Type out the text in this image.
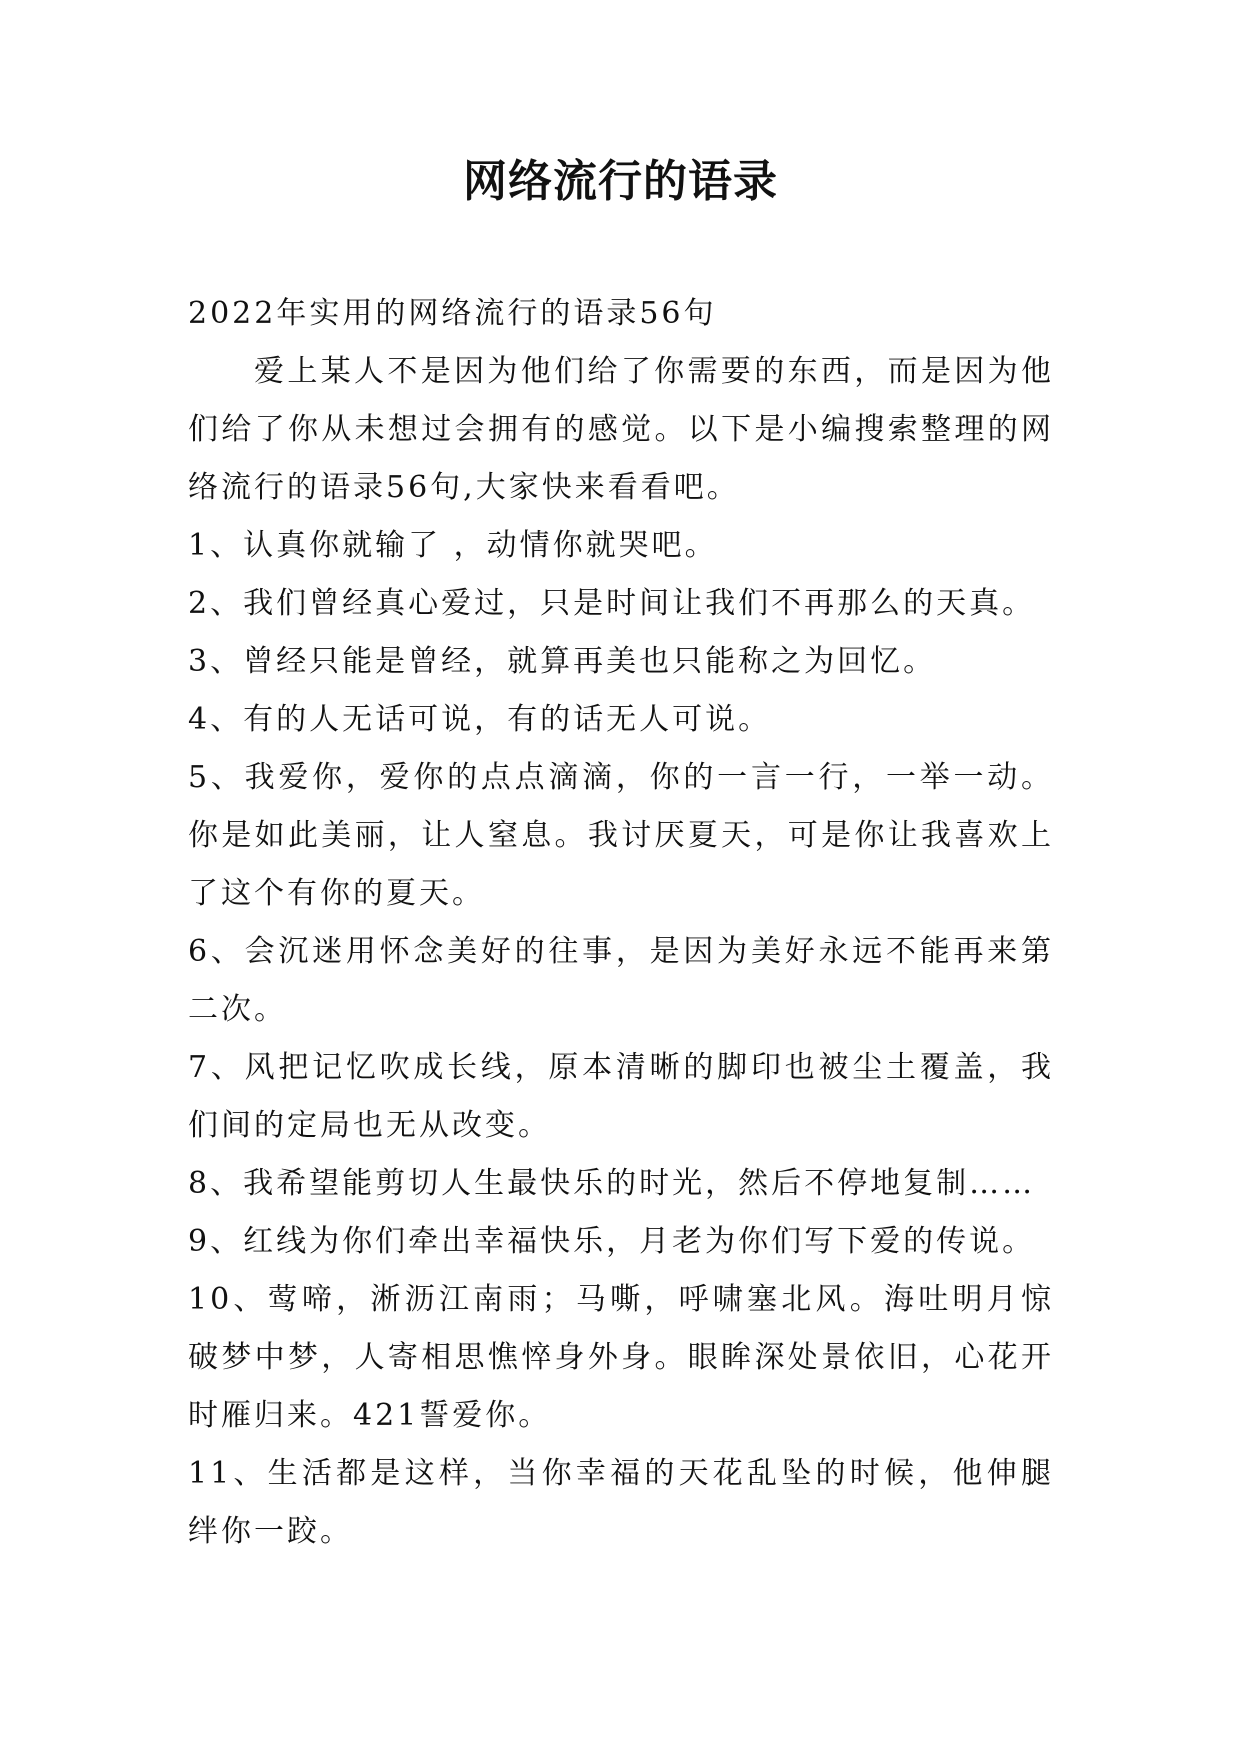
网络流行的语录

2022年实用的网络流行的语录56句

爱上某人不是因为他们给了你需要的东西，而是因为他们给了你从未想过会拥有的感觉。以下是小编搜索整理的网络流行的语录56句,大家快来看看吧。

1、认真你就输了 ，动情你就哭吧。

2、我们曾经真心爱过，只是时间让我们不再那么的天真。

3、曾经只能是曾经，就算再美也只能称之为回忆。

4、有的人无话可说，有的话无人可说。

5、我爱你，爱你的点点滴滴，你的一言一行，一举一动。你是如此美丽，让人窒息。我讨厌夏天，可是你让我喜欢上了这个有你的夏天。

6、会沉迷用怀念美好的往事，是因为美好永远不能再来第二次。

7、风把记忆吹成长线，原本清晰的脚印也被尘土覆盖，我们间的定局也无从改变。

8、我希望能剪切人生最快乐的时光，然后不停地复制……

9、红线为你们牵出幸福快乐，月老为你们写下爱的传说。

10、莺啼，淅沥江南雨；马嘶，呼啸塞北风。海吐明月惊破梦中梦，人寄相思憔悴身外身。眼眸深处景依旧，心花开时雁归来。421誓爱你。

11、生活都是这样，当你幸福的天花乱坠的时候，他伸腿绊你一跤。
